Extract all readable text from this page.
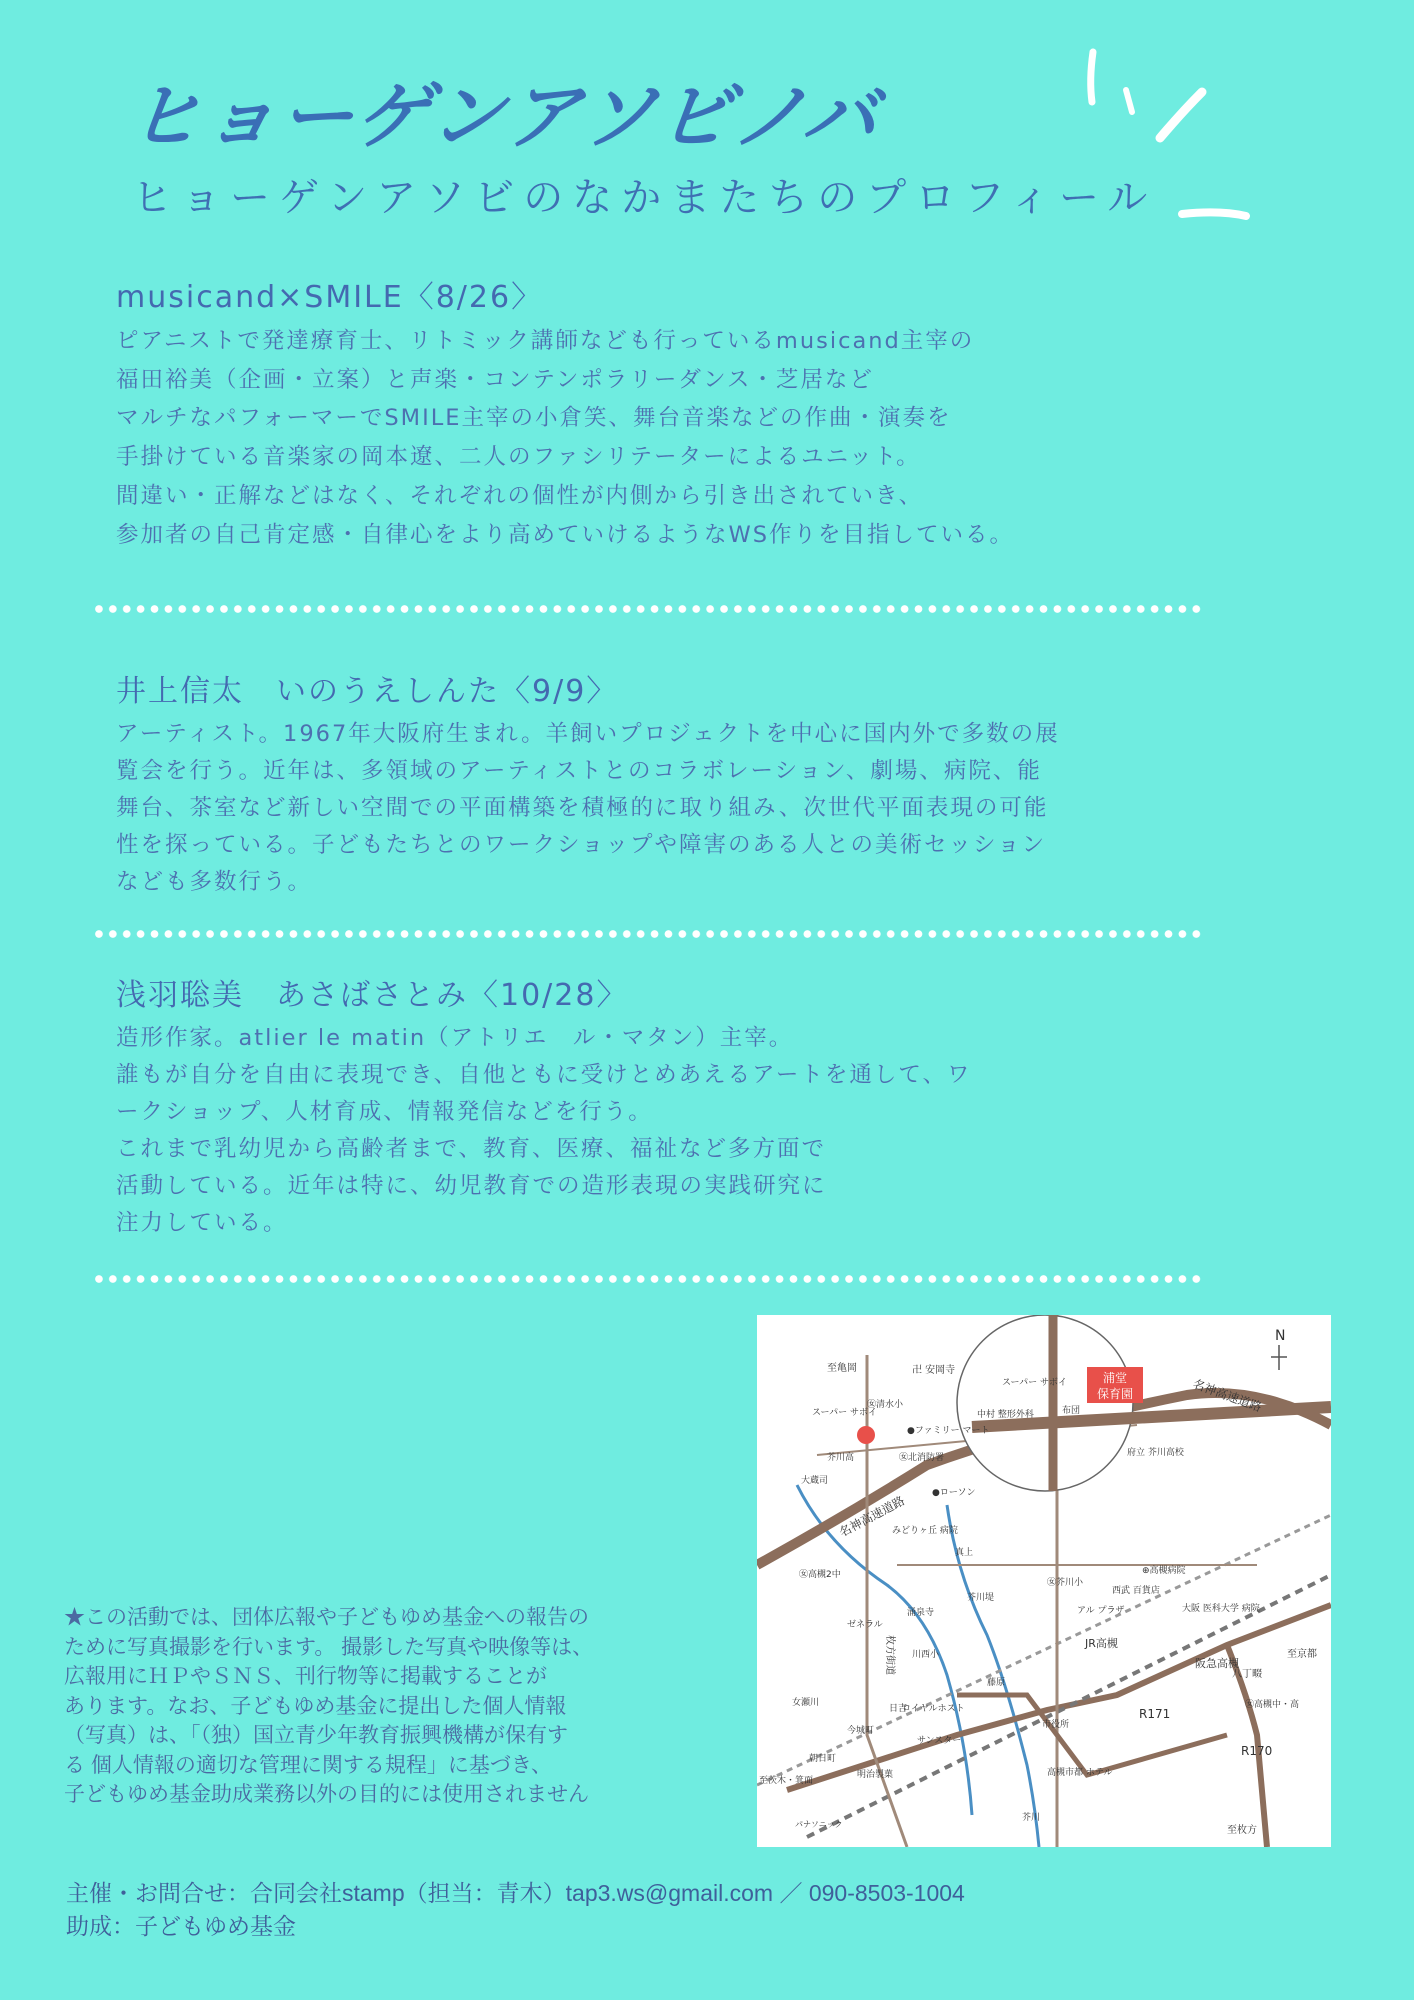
ヒョーゲンアソビノバ
ヒョーゲンアソビのなかまたちのプロフィール
musicand×SMILE〈8/26〉
ピアニストで発達療育士、リトミック講師なども行っているmusicand主宰の
福田裕美（企画・立案）と声楽・コンテンポラリーダンス・芝居など
マルチなパフォーマーでSMILE主宰の小倉笑、舞台音楽などの作曲・演奏を
手掛けている音楽家の岡本遼、二人のファシリテーターによるユニット。
間違い・正解などはなく、それぞれの個性が内側から引き出されていき、
参加者の自己肯定感・自律心をより高めていけるようなWS作りを目指している。
井上信太　いのうえしんた〈9/9〉
アーティスト。1967年大阪府生まれ。羊飼いプロジェクトを中心に国内外で多数の展
覧会を行う。近年は、多領域のアーティストとのコラボレーション、劇場、病院、能
舞台、茶室など新しい空間での平面構築を積極的に取り組み、次世代平面表現の可能
性を探っている。子どもたちとのワークショップや障害のある人との美術セッション
なども多数行う。
浅羽聡美　あさばさとみ〈10/28〉
造形作家。atlier le matin（アトリエ　ル・マタン）主宰。
誰もが自分を自由に表現でき、自他ともに受けとめあえるアートを通して、ワ
ークショップ、人材育成、情報発信などを行う。
これまで乳幼児から高齢者まで、教育、医療、福祉など多方面で
活動している。近年は特に、幼児教育での造形表現の実践研究に
注力している。
★この活動では、団体広報や子どもゆめ基金への報告の
ために写真撮影を行います。 撮影した写真や映像等は、
広報用にＨＰやＳＮＳ、刊行物等に掲載することが
あります。なお、子どもゆめ基金に提出した個人情報
（写真）は、「（独）国立青少年教育振興機構が保有す
る 個人情報の適切な管理に関する規程」に基づき、
子どもゆめ基金助成業務以外の目的には使用されません
浦堂
保育園
N
至亀岡	卍 安岡寺
スーパー サボイ
㊛清水小
●ファミリー マート
芥川高	㊛北消防署
大蔵司
●ローソン
みどりヶ丘 病院
真上
㊛高槻2中
ゼネラル
涌泉寺
川西小
芥川堤
㊛芥川小
西武 百貨店
アル プラザ
⊕高槻病院
大阪 医科大学 病院
JR高槻
阪急高槻
八丁畷
至京都
㊛高槻中・高
R171
R170
至枚方
朝日町
至茨木・箕面
今城町
明治製菓
サンスター
ロイヤルホスト
日吉
市役所
高槻市都 ホテル
名神高速道路
名神高速道路
中村 整形外科
スーパー サボイ
布団
府立 芥川高校
芥川
女瀬川
枚方街道
パナソニック
藤原
主催・お問合せ：合同会社stamp（担当：青木）tap3.ws@gmail.com ／ 090-8503-1004
助成：子どもゆめ基金
